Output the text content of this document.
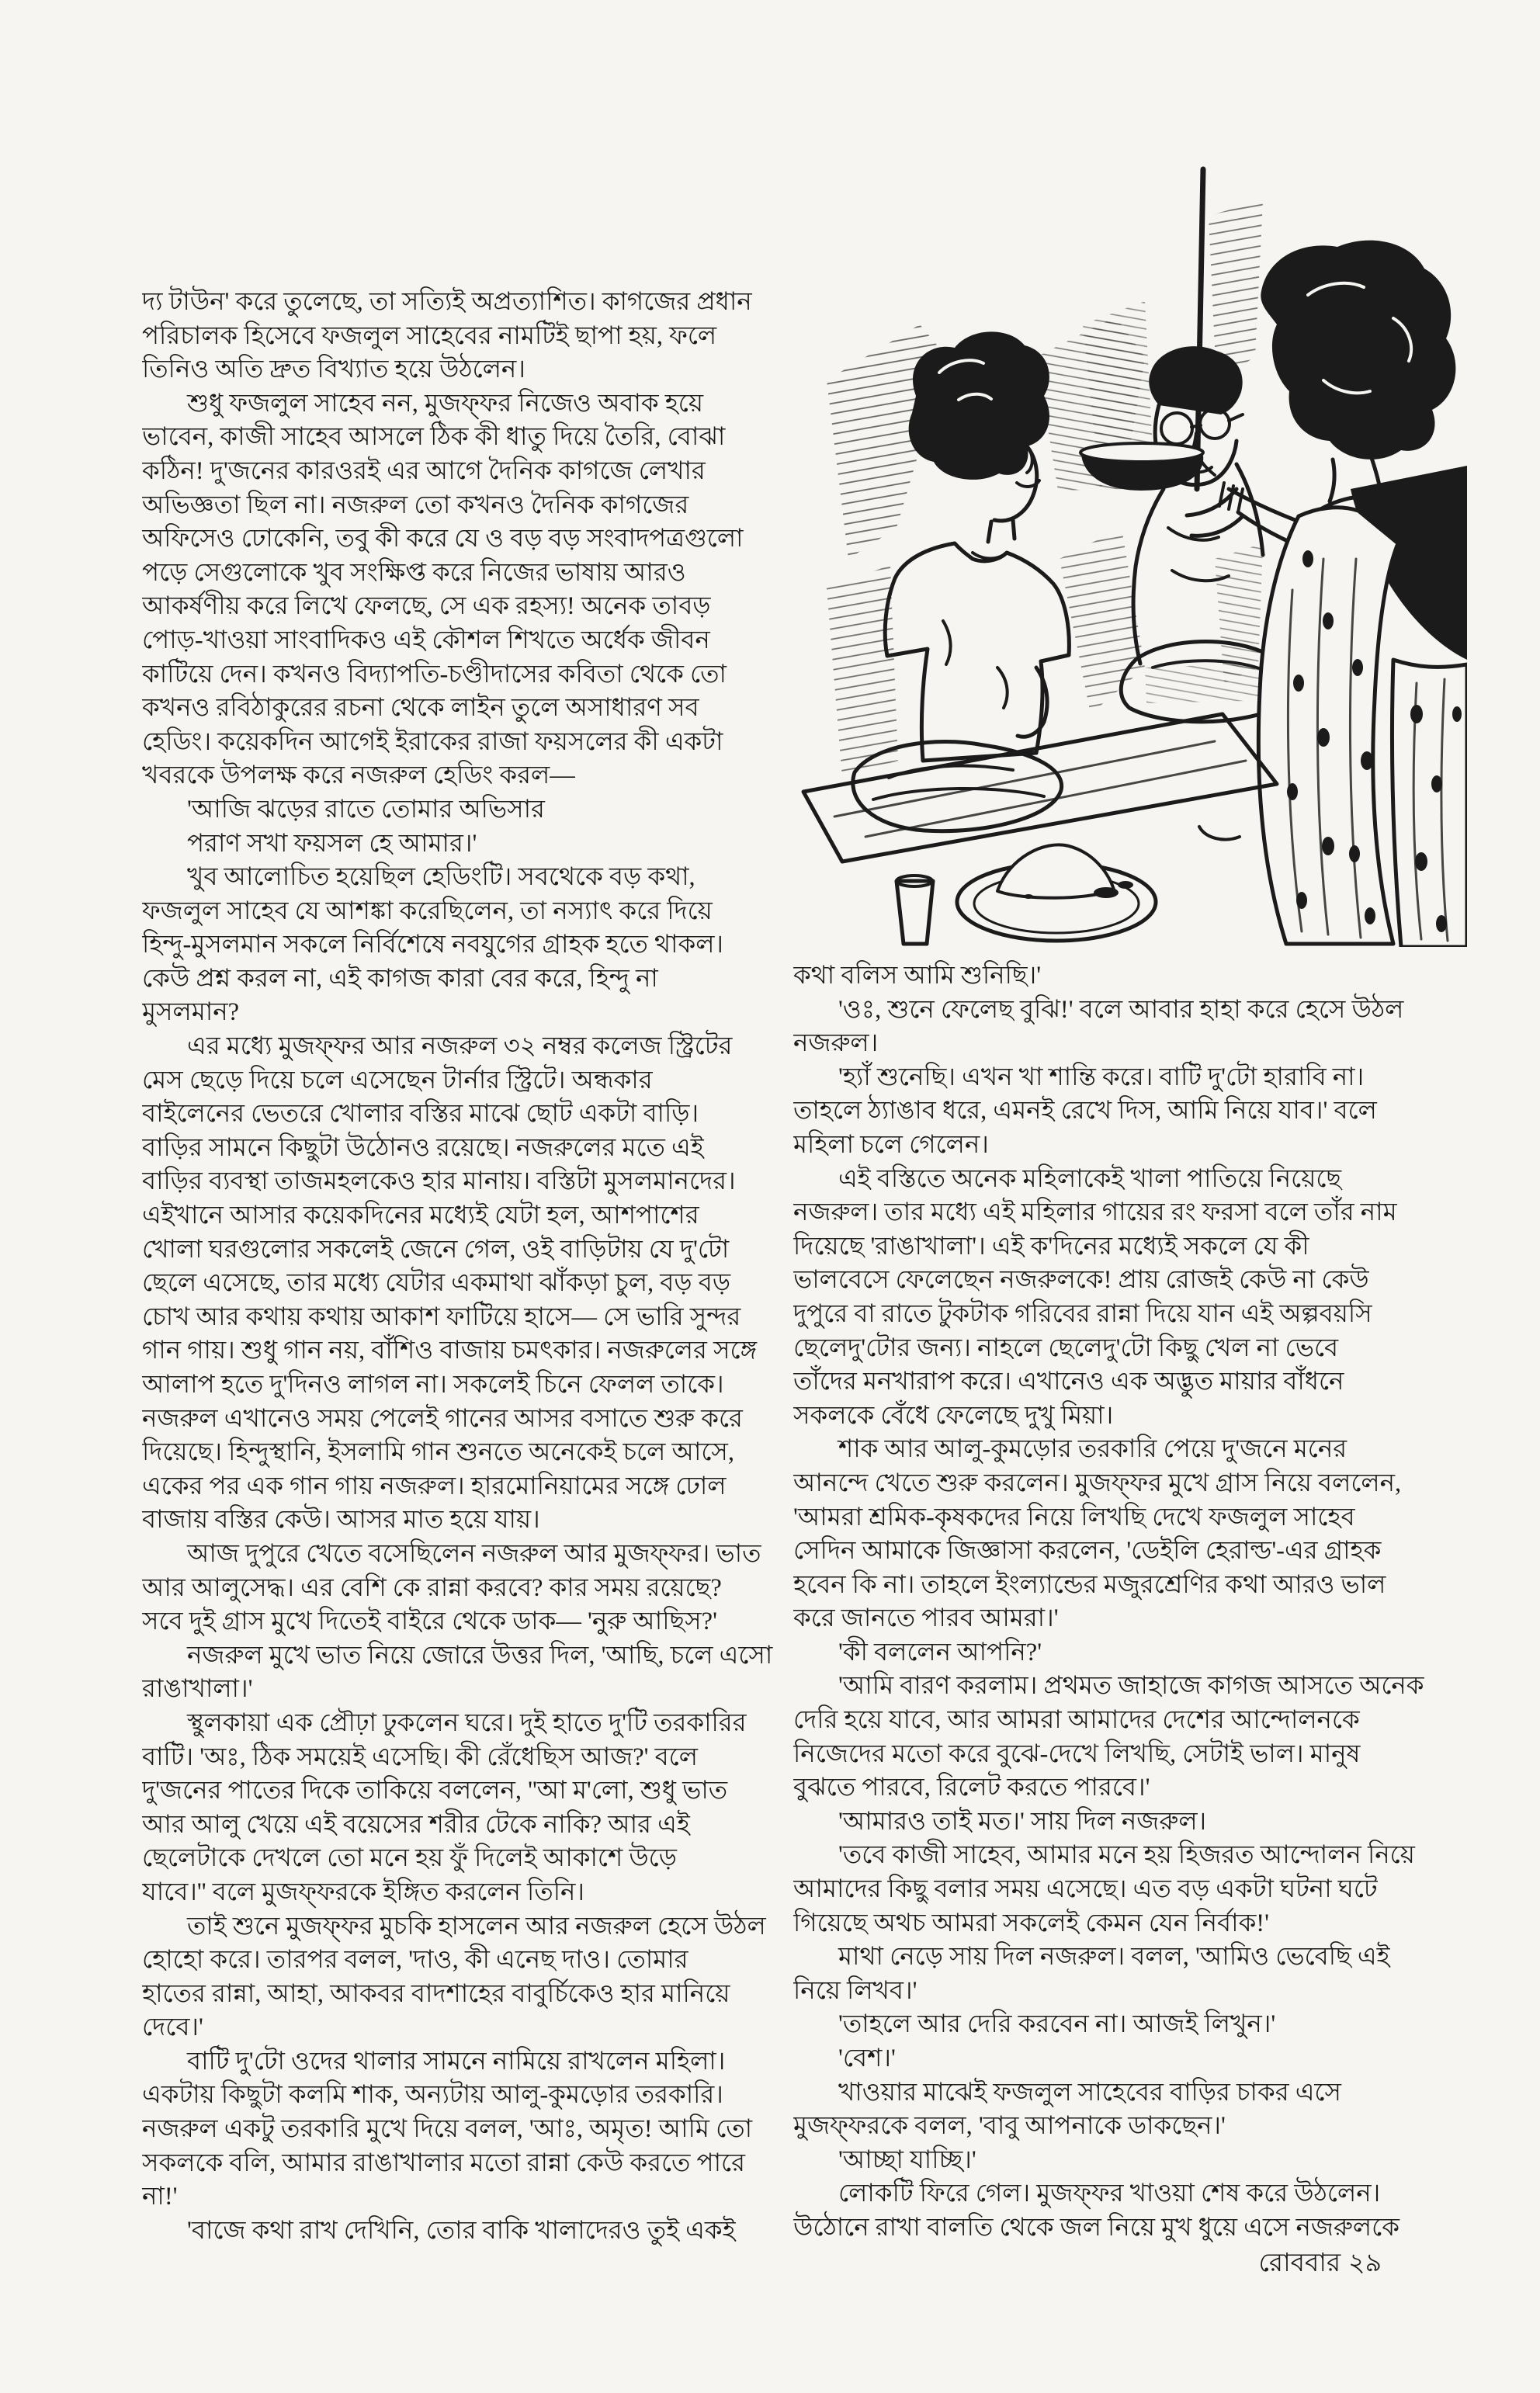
দ্য টাউন' করে তুলেছে, তা সত্যিই অপ্রত্যাশিত। কাগজের প্রধান
পরিচালক হিসেবে ফজলুল সাহেবের নামটিই ছাপা হয়, ফলে
তিনিও অতি দ্রুত বিখ্যাত হয়ে উঠলেন।
শুধু ফজলুল সাহেব নন, মুজফ্ফর নিজেও অবাক হয়ে
ভাবেন, কাজী সাহেব আসলে ঠিক কী ধাতু দিয়ে তৈরি, বোঝা
কঠিন! দু'জনের কারওরই এর আগে দৈনিক কাগজে লেখার
অভিজ্ঞতা ছিল না। নজরুল তো কখনও দৈনিক কাগজের
অফিসেও ঢোকেনি, তবু কী করে যে ও বড় বড় সংবাদপত্রগুলো
পড়ে সেগুলোকে খুব সংক্ষিপ্ত করে নিজের ভাষায় আরও
আকর্ষণীয় করে লিখে ফেলছে, সে এক রহস্য! অনেক তাবড়
পোড়-খাওয়া সাংবাদিকও এই কৌশল শিখতে অর্ধেক জীবন
কাটিয়ে দেন। কখনও বিদ্যাপতি-চণ্ডীদাসের কবিতা থেকে তো
কখনও রবিঠাকুরের রচনা থেকে লাইন তুলে অসাধারণ সব
হেডিং। কয়েকদিন আগেই ইরাকের রাজা ফয়সলের কী একটা
খবরকে উপলক্ষ করে নজরুল হেডিং করল—
'আজি ঝড়ের রাতে তোমার অভিসার
পরাণ সখা ফয়সল হে আমার।'
খুব আলোচিত হয়েছিল হেডিংটি। সবথেকে বড় কথা,
ফজলুল সাহেব যে আশঙ্কা করেছিলেন, তা নস্যাৎ করে দিয়ে
হিন্দু-মুসলমান সকলে নির্বিশেষে নবযুগের গ্রাহক হতে থাকল।
কেউ প্রশ্ন করল না, এই কাগজ কারা বের করে, হিন্দু না
মুসলমান?
এর মধ্যে মুজফ্ফর আর নজরুল ৩২ নম্বর কলেজ স্ট্রিটের
মেস ছেড়ে দিয়ে চলে এসেছেন টার্নার স্ট্রিটে। অন্ধকার
বাইলেনের ভেতরে খোলার বস্তির মাঝে ছোট একটা বাড়ি।
বাড়ির সামনে কিছুটা উঠোনও রয়েছে। নজরুলের মতে এই
বাড়ির ব্যবস্থা তাজমহলকেও হার মানায়। বস্তিটা মুসলমানদের।
এইখানে আসার কয়েকদিনের মধ্যেই যেটা হল, আশপাশের
খোলা ঘরগুলোর সকলেই জেনে গেল, ওই বাড়িটায় যে দু'টো
ছেলে এসেছে, তার মধ্যে যেটার একমাথা ঝাঁকড়া চুল, বড় বড়
চোখ আর কথায় কথায় আকাশ ফাটিয়ে হাসে— সে ভারি সুন্দর
গান গায়। শুধু গান নয়, বাঁশিও বাজায় চমৎকার। নজরুলের সঙ্গে
আলাপ হতে দু'দিনও লাগল না। সকলেই চিনে ফেলল তাকে।
নজরুল এখানেও সময় পেলেই গানের আসর বসাতে শুরু করে
দিয়েছে। হিন্দুস্থানি, ইসলামি গান শুনতে অনেকেই চলে আসে,
একের পর এক গান গায় নজরুল। হারমোনিয়ামের সঙ্গে ঢোল
বাজায় বস্তির কেউ। আসর মাত হয়ে যায়।
আজ দুপুরে খেতে বসেছিলেন নজরুল আর মুজফ্ফর। ভাত
আর আলুসেদ্ধ। এর বেশি কে রান্না করবে? কার সময় রয়েছে?
সবে দুই গ্রাস মুখে দিতেই বাইরে থেকে ডাক— 'নুরু আছিস?'
নজরুল মুখে ভাত নিয়ে জোরে উত্তর দিল, 'আছি, চলে এসো
রাঙাখালা।'
স্থুলকায়া এক প্রৌঢ়া ঢুকলেন ঘরে। দুই হাতে দু'টি তরকারির
বাটি। 'অঃ, ঠিক সময়েই এসেছি। কী রেঁধেছিস আজ?' বলে
দু'জনের পাতের দিকে তাকিয়ে বললেন, ''আ ম'লো, শুধু ভাত
আর আলু খেয়ে এই বয়েসের শরীর টেকে নাকি? আর এই
ছেলেটাকে দেখলে তো মনে হয় ফুঁ দিলেই আকাশে উড়ে
যাবে।'' বলে মুজফ্ফরকে ইঙ্গিত করলেন তিনি।
তাই শুনে মুজফ্ফর মুচকি হাসলেন আর নজরুল হেসে উঠল
হোহো করে। তারপর বলল, 'দাও, কী এনেছ দাও। তোমার
হাতের রান্না, আহা, আকবর বাদশাহের বাবুর্চিকেও হার মানিয়ে
দেবে।'
বাটি দু'টো ওদের থালার সামনে নামিয়ে রাখলেন মহিলা।
একটায় কিছুটা কলমি শাক, অন্যটায় আলু-কুমড়োর তরকারি।
নজরুল একটু তরকারি মুখে দিয়ে বলল, 'আঃ, অমৃত! আমি তো
সকলকে বলি, আমার রাঙাখালার মতো রান্না কেউ করতে পারে
না!'
'বাজে কথা রাখ দেখিনি, তোর বাকি খালাদেরও তুই একই
কথা বলিস আমি শুনিছি।'
'ওঃ, শুনে ফেলেছ বুঝি!' বলে আবার হাহা করে হেসে উঠল
নজরুল।
'হ্যাঁ শুনেছি। এখন খা শান্তি করে। বাটি দু'টো হারাবি না।
তাহলে ঠ্যাঙাব ধরে, এমনই রেখে দিস, আমি নিয়ে যাব।' বলে
মহিলা চলে গেলেন।
এই বস্তিতে অনেক মহিলাকেই খালা পাতিয়ে নিয়েছে
নজরুল। তার মধ্যে এই মহিলার গায়ের রং ফরসা বলে তাঁর নাম
দিয়েছে 'রাঙাখালা'। এই ক'দিনের মধ্যেই সকলে যে কী
ভালবেসে ফেলেছেন নজরুলকে! প্রায় রোজই কেউ না কেউ
দুপুরে বা রাতে টুকটাক গরিবের রান্না দিয়ে যান এই অল্পবয়সি
ছেলেদু'টোর জন্য। নাহলে ছেলেদু'টো কিছু খেল না ভেবে
তাঁদের মনখারাপ করে। এখানেও এক অদ্ভুত মায়ার বাঁধনে
সকলকে বেঁধে ফেলেছে দুখু মিয়া।
শাক আর আলু-কুমড়োর তরকারি পেয়ে দু'জনে মনের
আনন্দে খেতে শুরু করলেন। মুজফ্ফর মুখে গ্রাস নিয়ে বললেন,
'আমরা শ্রমিক-কৃষকদের নিয়ে লিখছি দেখে ফজলুল সাহেব
সেদিন আমাকে জিজ্ঞাসা করলেন, 'ডেইলি হেরাল্ড'-এর গ্রাহক
হবেন কি না। তাহলে ইংল্যান্ডের মজুরশ্রেণির কথা আরও ভাল
করে জানতে পারব আমরা।'
'কী বললেন আপনি?'
'আমি বারণ করলাম। প্রথমত জাহাজে কাগজ আসতে অনেক
দেরি হয়ে যাবে, আর আমরা আমাদের দেশের আন্দোলনকে
নিজেদের মতো করে বুঝে-দেখে লিখছি, সেটাই ভাল। মানুষ
বুঝতে পারবে, রিলেট করতে পারবে।'
'আমারও তাই মত।' সায় দিল নজরুল।
'তবে কাজী সাহেব, আমার মনে হয় হিজরত আন্দোলন নিয়ে
আমাদের কিছু বলার সময় এসেছে। এত বড় একটা ঘটনা ঘটে
গিয়েছে অথচ আমরা সকলেই কেমন যেন নির্বাক!'
মাথা নেড়ে সায় দিল নজরুল। বলল, 'আমিও ভেবেছি এই
নিয়ে লিখব।'
'তাহলে আর দেরি করবেন না। আজই লিখুন।'
'বেশ।'
খাওয়ার মাঝেই ফজলুল সাহেবের বাড়ির চাকর এসে
মুজফ্ফরকে বলল, 'বাবু আপনাকে ডাকছেন।'
'আচ্ছা যাচ্ছি।'
লোকটি ফিরে গেল। মুজফ্ফর খাওয়া শেষ করে উঠলেন।
উঠোনে রাখা বালতি থেকে জল নিয়ে মুখ ধুয়ে এসে নজরুলকে
রোববার ২৯
